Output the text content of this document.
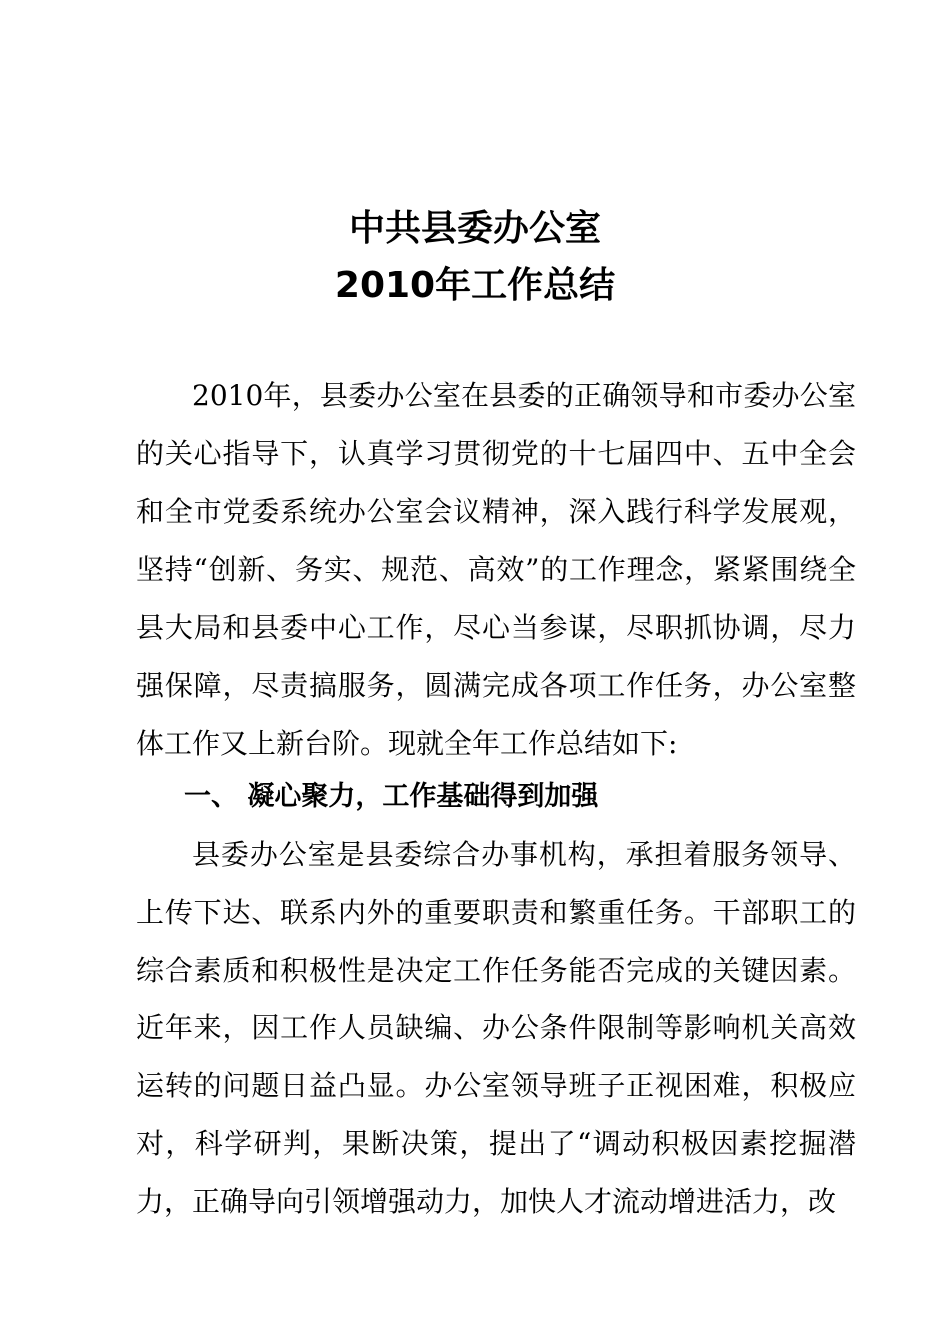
中共县委办公室
2010年工作总结

2010年，县委办公室在县委的正确领导和市委办公室的关心指导下，认真学习贯彻党的十七届四中、五中全会和全市党委系统办公室会议精神，深入践行科学发展观，坚持“创新、务实、规范、高效”的工作理念，紧紧围绕全县大局和县委中心工作，尽心当参谋，尽职抓协调，尽力强保障，尽责搞服务，圆满完成各项工作任务，办公室整体工作又上新台阶。现就全年工作总结如下:

一、 凝心聚力，工作基础得到加强

县委办公室是县委综合办事机构，承担着服务领导、上传下达、联系内外的重要职责和繁重任务。干部职工的综合素质和积极性是决定工作任务能否完成的关键因素。近年来，因工作人员缺编、办公条件限制等影响机关高效运转的问题日益凸显。办公室领导班子正视困难，积极应对，科学研判，果断决策，提出了“调动积极因素挖掘潜力，正确导向引领增强动力，加快人才流动增进活力，改
